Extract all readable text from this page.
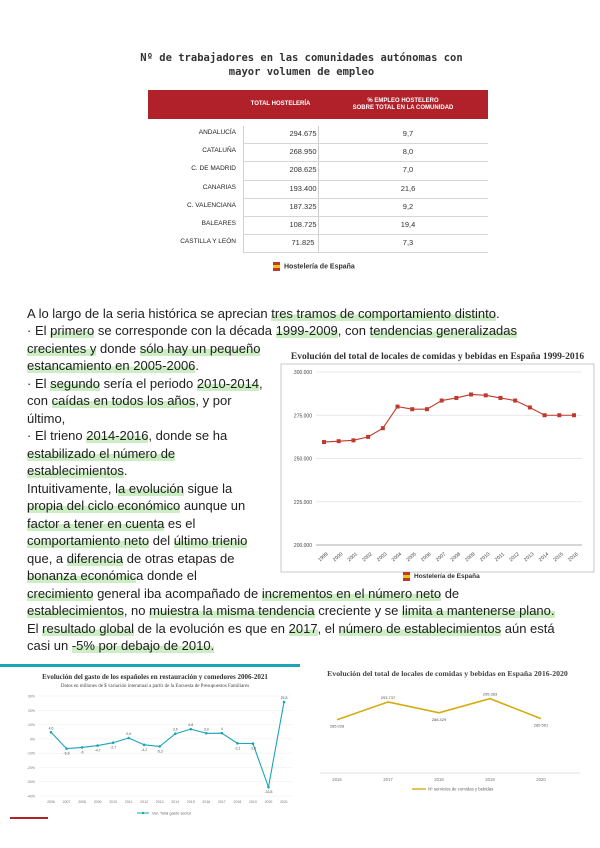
Nº de trabajadores en las comunidades autónomas con
mayor volumen de empleo
TOTAL HOSTELERÍA
% EMPLEO HOSTELERO
SOBRE TOTAL EN LA COMUNIDAD
ANDALUCÍA	294.675	9,7
CATALUÑA	268.950	8,0
C. DE MADRID	208.625	7,0
CANARIAS	193.400	21,6
C. VALENCIANA	187.325	9,2
BALEARES	108.725	19,4
CASTILLA Y LEÓN	71.825	7,3
Hostelería de España
A lo largo de la seria histórica se aprecian tres tramos de comportamiento distinto.
· El primero se corresponde con la década 1999-2009, con tendencias generalizadas
crecientes y donde sólo hay un pequeño
estancamiento en 2005-2006.
· El segundo sería el periodo 2010-2014,
con caídas en todos los años, y por
último,
· El trieno 2014-2016, donde se ha
estabilizado el número de
establecimientos.
Intuitivamente, la evolución sigue la
propia del ciclo económico aunque un
factor a tener en cuenta es el
comportamiento neto del último trienio
que, a diferencia de otras etapas de
bonanza económica donde el
crecimiento general iba acompañado de incrementos en el número neto de
establecimientos, no muiestra la misma tendencia creciente y se limita a mantenerse plano.
El resultado global de la evolución es que en 2017, el número de establecimientos aún está
casi un -5% por debajo de 2010.
Evolución del total de locales de comidas y bebidas en España 1999-2016
200.000
225.000
250.000
275.000
300.000
1999 2000 2001 2002 2003 2004 2005 2006 2007 2008 2009 2010 2011 2012 2013 2014 2015 2016
Hostelería de España
Evolución del gasto de los españoles en restauración y comedores 2006-2021
Datos en millones de $ variación interanual a partir de la Encuesta de Presupuestos Familiares
30%
20%
10%
0%
-10%
-20%
-30%
-40%
2006 2007 2008 2009 2010 2011 2012 2013 2014 2015 2016 2017 2018 2019 2020 2021
4,6
-6,8	-6	-4,7
-2,7
0,6
-4,2	-5,3
3,6
6,8
3,9	4
-3,1	-3,3
-33,8
25,8
Var. Total gasto sector
Evolución del total de locales de comidas y bebidas en España 2016-2020
2016	2017	2018	2019	2020
285.028
293.737
288.429
295.383
285.561
Nº servicios de comidas y bebidas
